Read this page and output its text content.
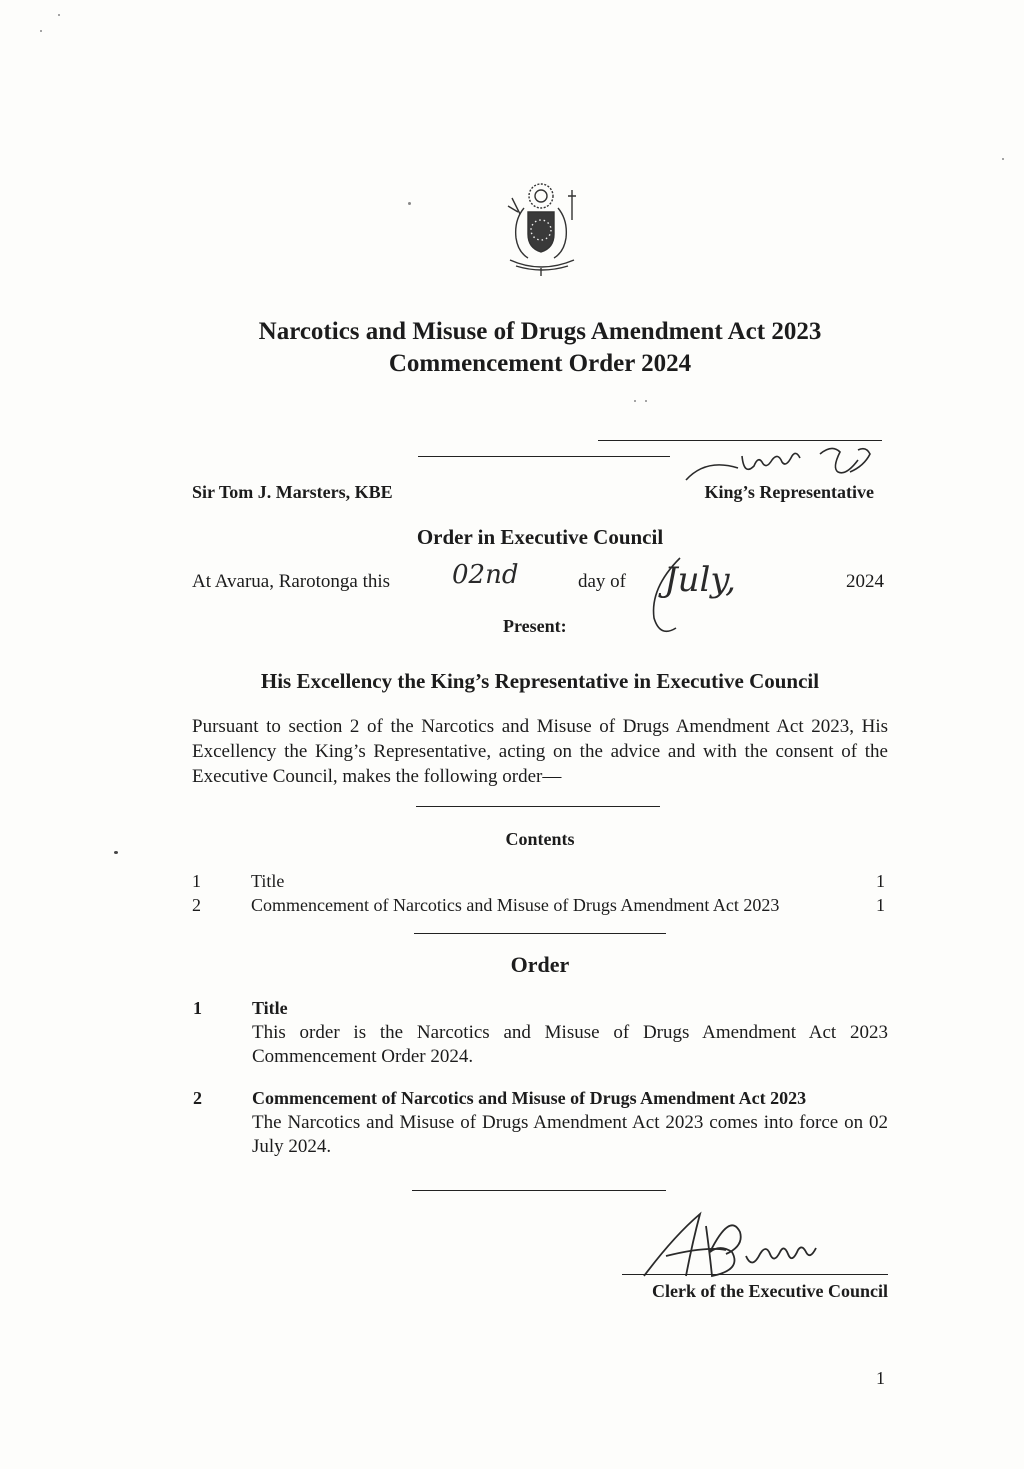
Narcotics and Misuse of Drugs Amendment Act 2023
Commencement Order 2024
Sir Tom J. Marsters, KBE	King’s Representative
Order in Executive Council
At Avarua, Rarotonga this 02nd	day of July,	2024
Present:
His Excellency the King’s Representative in Executive Council
Pursuant to section 2 of the Narcotics and Misuse of Drugs Amendment Act 2023, His Excellency the King’s Representative, acting on the advice and with the consent of the Executive Council, makes the following order—
Contents
1	Title	1
2	Commencement of Narcotics and Misuse of Drugs Amendment Act 2023	1
Order
1	Title
This order is the Narcotics and Misuse of Drugs Amendment Act 2023 Commencement Order 2024.
2	Commencement of Narcotics and Misuse of Drugs Amendment Act 2023
The Narcotics and Misuse of Drugs Amendment Act 2023 comes into force on 02 July 2024.
Clerk of the Executive Council
1
